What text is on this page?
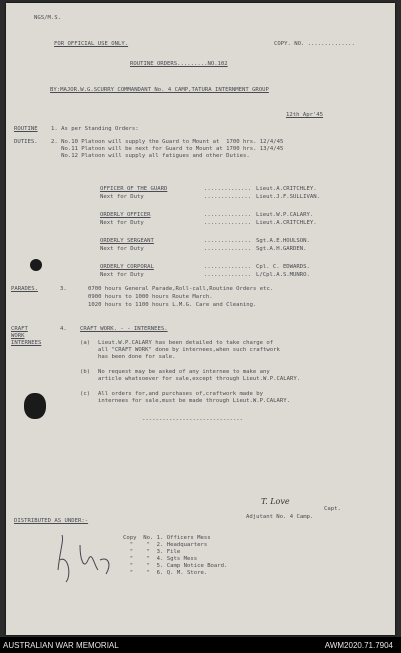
NGS/M.S.
FOR OFFICIAL USE ONLY.	COPY. NO. ..............
ROUTINE ORDERS.........NO.102
BY:MAJOR.W.G.SCURRY COMMANDANT No. 4 CAMP,TATURA INTERNMENT GROUP
12th Apr'45
ROUTINE 1. As per Standing Orders:
DUTIES. 2. No.10 Platoon will supply the Guard to Mount at  1700 hrs. 12/4/45
No.11 Platoon will be next for Guard to Mount at 1700 hrs. 13/4/45
No.12 Platoon will supply all fatigues and other Duties.
OFFICER OF THE GUARD	.............. Lieut.A.CRITCHLEY.
Next for Duty	.............. Lieut.J.F.SULLIVAN.
ORDERLY OFFICER	.............. Lieut.W.P.CALARY.
Next for Duty	.............. Lieut.A.CRITCHLEY.
ORDERLY SERGEANT	.............. Sgt.A.E.HOULSON.
Next for Duty	.............. Sgt.A.H.GARDEN.
ORDERLY CORPORAL	.............. Cpl. C. EDWARDS.
Next for Duty	.............. L/Cpl.A.S.MUNRO.
PARADES.	3.	0700 hours General Parade,Roll-call,Routine Orders etc.
0900 hours to 1000 hours Route March.
1020 hours to 1100 hours L.M.G. Care and Cleaning.
CRAFT
WORK
INTERNEES
4. CRAFT WORK. - - INTERNEES.
(a) Lieut.W.P.CALARY has been detailed to take charge of
all "CRAFT WORK" done by internees,when such craftwork
has been done for sale.
(b) No request may be asked of any internee to make any
article whatsoever for sale,except through Lieut.W.P.CALARY.
(c) All orders for,and purchases of,craftwork made by
internees for sale,must be made through Lieut.W.P.CALARY.
------------------------------
T. Love
Capt.
Adjutant No. 4 Camp.
DISTRIBUTED AS UNDER:-
Copy  No. 1. Officers Mess
"    "  2. Headquarters
"    "  3. File
"    "  4. Sgts Mess
"    "  5. Camp Notice Board.
"    "  6. Q. M. Store.
AUSTRALIAN WAR MEMORIAL	AWM2020.71.7904
